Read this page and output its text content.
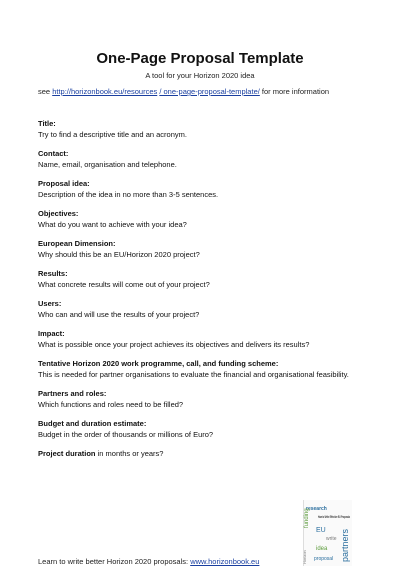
One-Page Proposal Template
A tool for your Horizon 2020 idea
see http://horizonbook.eu/resources / one-page-proposal-template/ for more information
Title:
Try to find a descriptive title and an acronym.
Contact:
Name, email, organisation and telephone.
Proposal idea:
Description of the idea in no more than 3-5 sentences.
Objectives:
What do you want to achieve with your idea?
European Dimension:
Why should this be an EU/Horizon 2020 project?
Results:
What concrete results will come out of your project?
Users:
Who can and will use the results of your project?
Impact:
What is possible once your project achieves its objectives and delivers its results?
Tentative Horizon 2020 work programme, call, and funding scheme:
This is needed for partner organisations to evaluate the financial and organisational feasibility.
Partners and roles:
Which functions and roles need to be filled?
Budget and duration estimate:
Budget in the order of thousands or millions of Euro?
Project duration in months or years?
research
How to Write Effective EU Proposals
funding
EU
write partners
idea
proposal
Horizon
Learn to write better Horizon 2020 proposals: www.horizonbook.eu
